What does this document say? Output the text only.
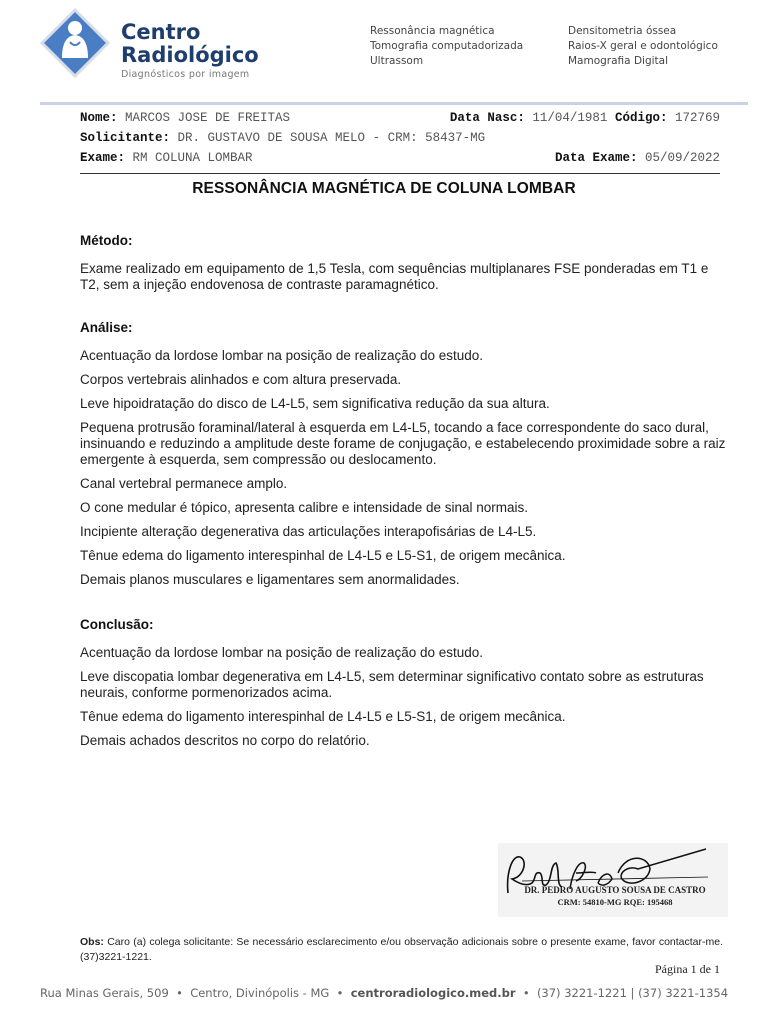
Centro
Radiológico
Diagnósticos por imagem
Ressonância magnética
Tomografia computadorizada
Ultrassom
Densitometria óssea
Raios-X geral e odontológico
Mamografia Digital
Nome: MARCOS JOSE DE FREITAS	Data Nasc: 11/04/1981 Código: 172769
Solicitante: DR. GUSTAVO DE SOUSA MELO - CRM: 58437-MG
Exame: RM COLUNA LOMBAR	Data Exame: 05/09/2022
RESSONÂNCIA MAGNÉTICA DE COLUNA LOMBAR
Método:

Exame realizado em equipamento de 1,5 Tesla, com sequências multiplanares FSE ponderadas em T1 e T2, sem a injeção endovenosa de contraste paramagnético.

Análise:

Acentuação da lordose lombar na posição de realização do estudo.

Corpos vertebrais alinhados e com altura preservada.

Leve hipoidratação do disco de L4-L5, sem significativa redução da sua altura.

Pequena protrusão foraminal/lateral à esquerda em L4-L5, tocando a face correspondente do saco dural, insinuando e reduzindo a amplitude deste forame de conjugação, e estabelecendo proximidade sobre a raiz emergente à esquerda, sem compressão ou deslocamento.

Canal vertebral permanece amplo.

O cone medular é tópico, apresenta calibre e intensidade de sinal normais.

Incipiente alteração degenerativa das articulações interapofisárias de L4-L5.

Tênue edema do ligamento interespinhal de L4-L5 e L5-S1, de origem mecânica.

Demais planos musculares e ligamentares sem anormalidades.

Conclusão:

Acentuação da lordose lombar na posição de realização do estudo.

Leve discopatia lombar degenerativa em L4-L5, sem determinar significativo contato sobre as estruturas neurais, conforme pormenorizados acima.

Tênue edema do ligamento interespinhal de L4-L5 e L5-S1, de origem mecânica.

Demais achados descritos no corpo do relatório.

DR. PEDRO AUGUSTO SOUSA DE CASTRO
CRM: 54810-MG RQE: 195468
Obs: Caro (a) colega solicitante: Se necessário esclarecimento e/ou observação adicionais sobre o presente exame, favor contactar-me. (37)3221-1221.
Página 1 de 1
Rua Minas Gerais, 509  •  Centro, Divinópolis - MG  •  centroradiologico.med.br  •  (37) 3221-1221 | (37) 3221-1354
